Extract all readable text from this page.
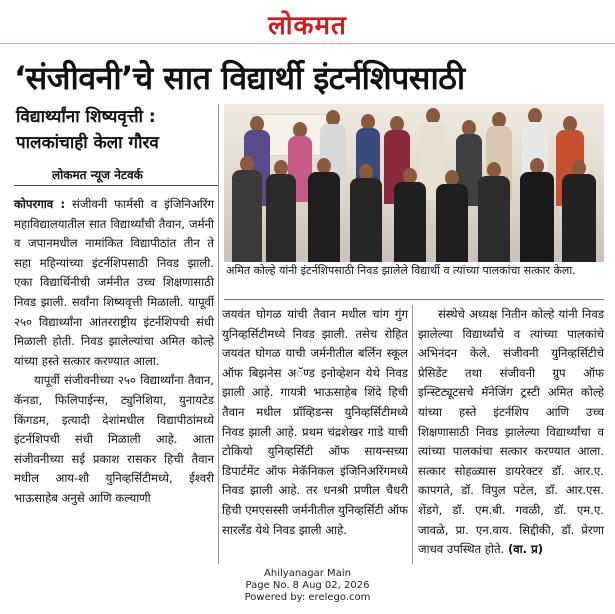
लोकमत
‘संजीवनी’चे सात विद्यार्थी इंटर्नशिपसाठी
विद्यार्थ्यांना शिष्यवृत्ती :
पालकांचाही केला गौरव
लोकमत न्यूज नेटवर्क
अमित कोल्हे यांनी इंटर्नशिपसाठी निवड झालेले विद्यार्थी व त्यांच्या पालकांचा सत्कार केला.

कोपरगाव : संजीवनी फार्मसी व इंजिनिअरिंग महाविद्यालयातील सात विद्यार्थ्यांची तैवान, जर्मनी व जपानमधील नामांकित विद्यापीठांत तीन ते सहा महिन्यांच्या इंटर्नशिपसाठी निवड झाली. एका विद्यार्थिनीची जर्मनीत उच्च शिक्षणासाठी निवड झाली. सर्वांना शिष्यवृत्ती मिळाली. यापूर्वी २५० विद्यार्थ्यांना आंतरराष्ट्रीय इंटर्नशिपची संधी मिळाली होती. निवड झालेल्यांचा अमित कोल्हे यांच्या हस्ते सत्कार करण्यात आला.

यापूर्वी संजीवनीच्या २५० विद्यार्थ्यांना तैवान, कॅनडा, फिलिपाईन्स, ट्युनिशिया, युनायटेड किंगडम, इत्यादी देशांमधील विद्यापीठांमध्ये इंटर्नशिपची संधी मिळाली आहे. आता संजीवनीच्या सई प्रकाश रासकर हिची तैवान मधील आय-शौ युनिव्हर्सिटीमध्ये, ईश्वरी भाऊसाहेब अनुसे आणि कल्याणी

जयवंत घोगळ यांची तैवान मधील चांग गुंग युनिव्हर्सिटीमध्ये निवड झाली. तसेच रोहित जयवंत घोगळ याची जर्मनीतील बर्लिन स्कूल ऑफ बिझनेस अॅण्ड इनोव्हेशन येथे निवड झाली आहे. गायत्री भाऊसाहेब शिंदे हिची तैवान मधील प्रॉव्हिडन्स युनिव्हर्सिटीमध्ये निवड झाली आहे. प्रथम चंद्रशेखर गाडे याची टोकियो युनिव्हर्सिटी ऑफ सायन्सच्या डिपार्टमेंट ऑफ मेकॅनिकल इंजिनिअरिंगमध्ये निवड झाली आहे. तर धनश्री प्रणील चैधरी हिची एमएसस्सी जर्मनीतील युनिव्हर्सिटी ऑफ सारलँड येथे निवड झाली आहे.

संस्थेचे अध्यक्ष नितीन कोल्हे यांनी निवड झालेल्या विद्यार्थ्यांचे व त्यांच्या पालकांचे अभिनंदन केले. संजीवनी युनिव्हर्सिटीचे प्रेसिडेंट तथा संजीवनी ग्रुप ऑफ इन्स्टिट्यूटसचे मॅनेजिंग ट्रस्टी अमित कोल्हे यांच्या हस्ते इंटर्नशिप आणि उच्च शिक्षणासाठी निवड झालेल्या विद्यार्थ्यांचा व त्यांच्या पालकांचा सत्कार करण्यात आला. सत्कार सोहळ्यास डायरेक्टर डॉ. आर.ए. कापगते, डॉ. विपुल पटेल, डॉ. आर.एस. शेंडगे, डॉ. एम.बी. गवळी, डॉ. एम.ए. जावळे, प्रा. एन.वाय. सिद्दीकी, डॉ. प्रेरणा जाधव उपस्थित होते. (वा. प्र)

Ahilyanagar Main
Page No. 8 Aug 02, 2026
Powered by: erelego.com
